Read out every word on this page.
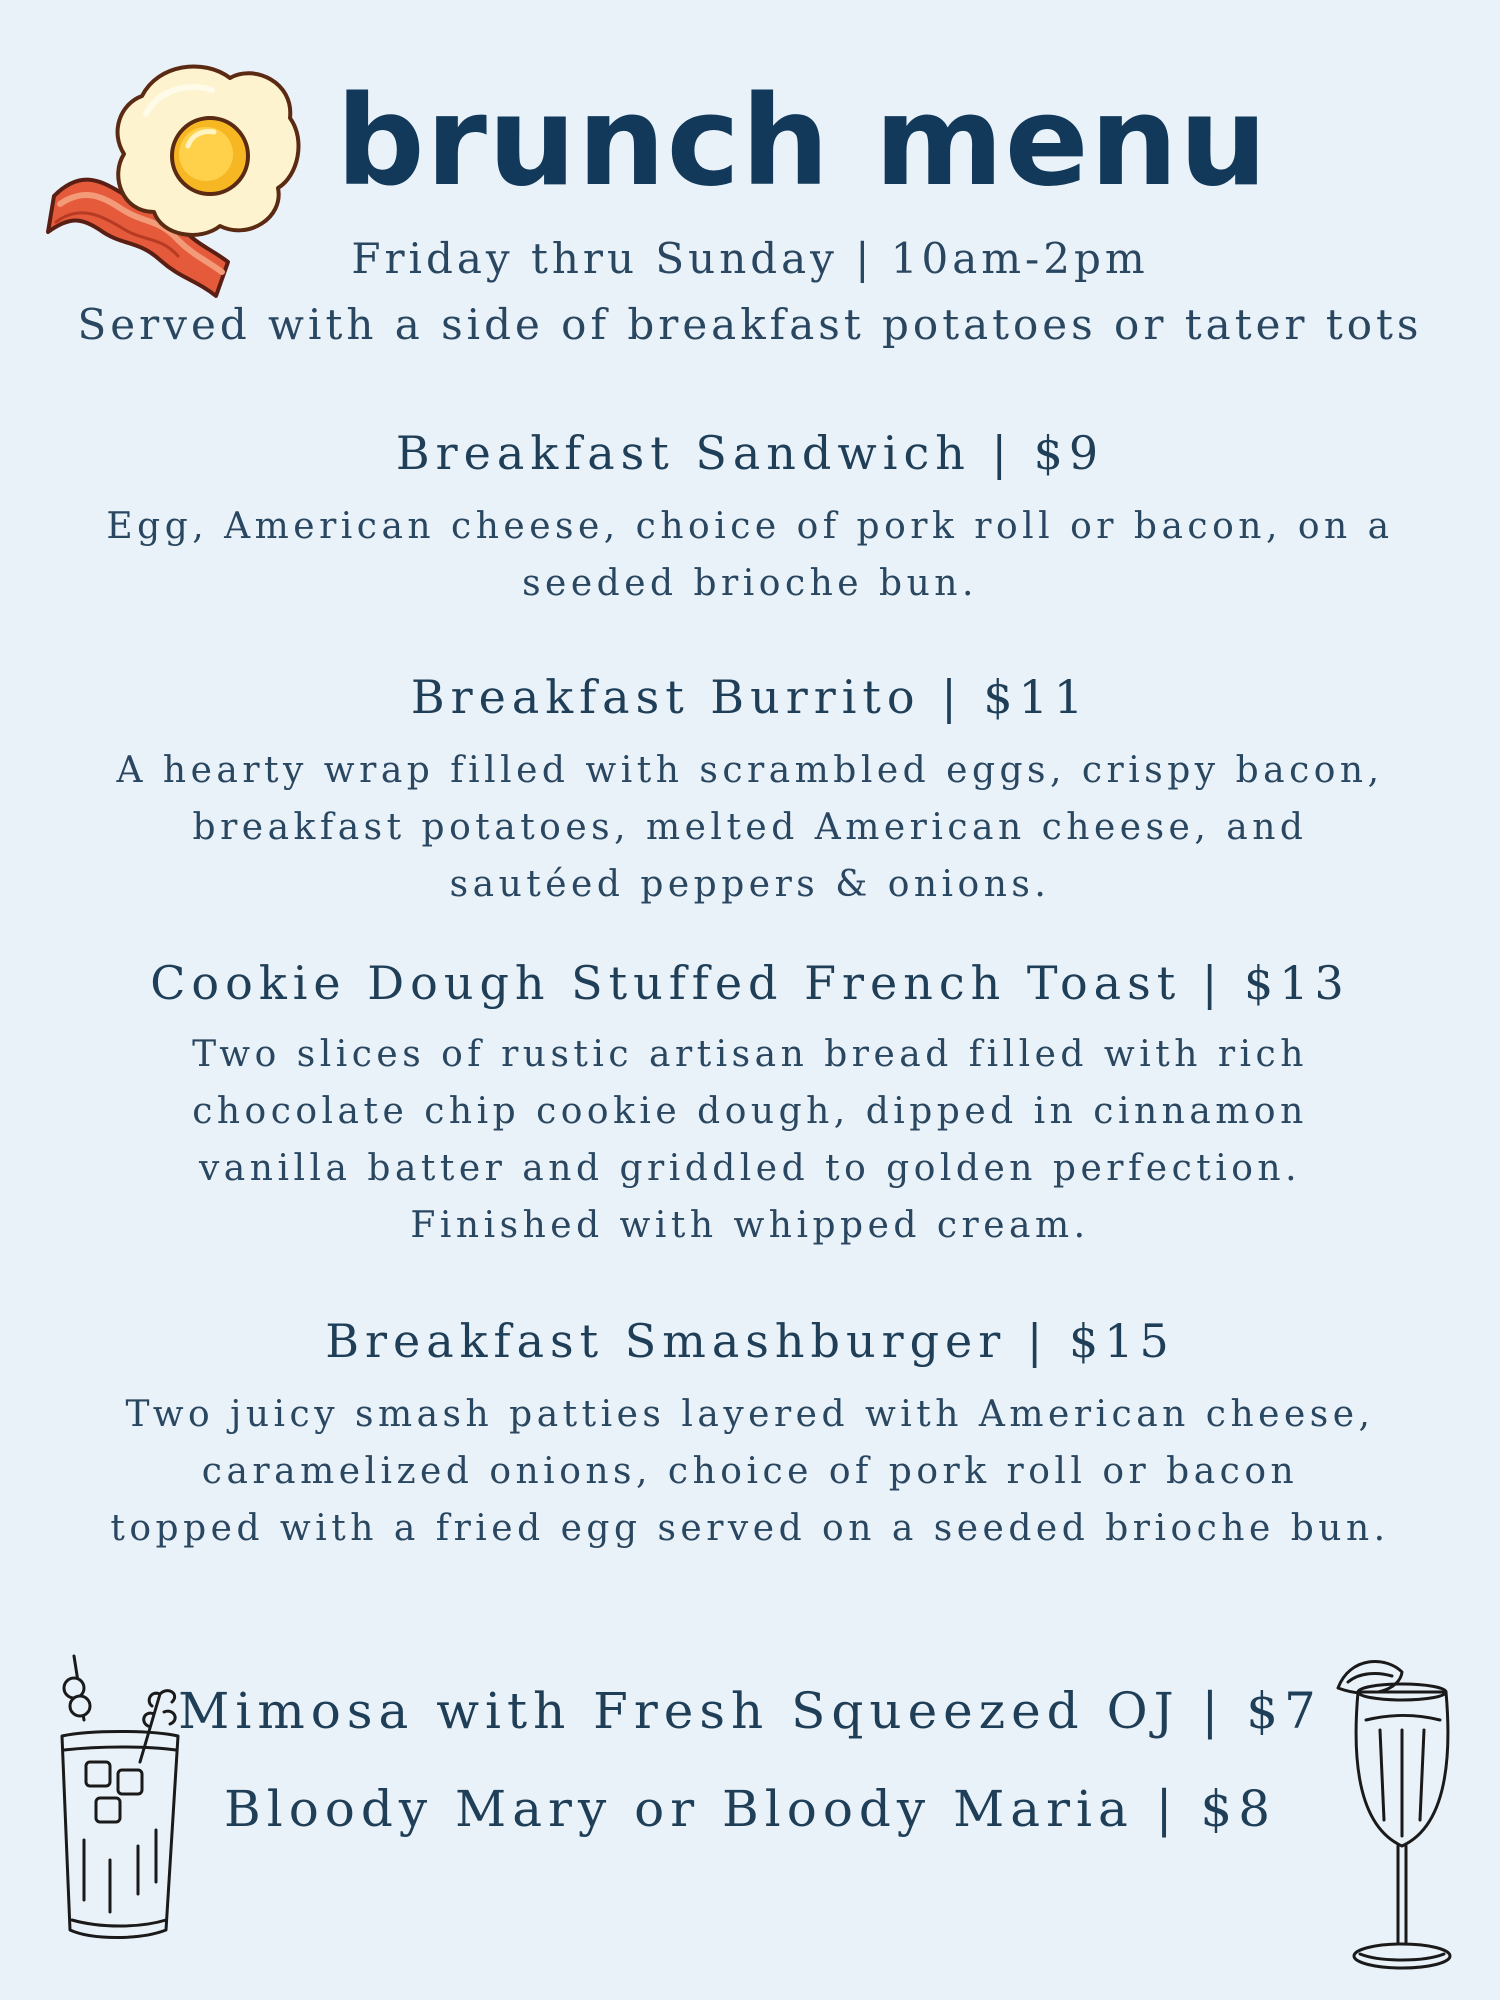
brunch menu
Friday thru Sunday | 10am-2pm
Served with a side of breakfast potatoes or tater tots
Breakfast Sandwich | $9
Egg, American cheese, choice of pork roll or bacon, on a
seeded brioche bun.
Breakfast Burrito | $11
A hearty wrap filled with scrambled eggs, crispy bacon,
breakfast potatoes, melted American cheese, and
sautéed peppers & onions.
Cookie Dough Stuffed French Toast | $13
Two slices of rustic artisan bread filled with rich
chocolate chip cookie dough, dipped in cinnamon
vanilla batter and griddled to golden perfection.
Finished with whipped cream.
Breakfast Smashburger | $15
Two juicy smash patties layered with American cheese,
caramelized onions, choice of pork roll or bacon
topped with a fried egg served on a seeded brioche bun.
Mimosa with Fresh Squeezed OJ | $7
Bloody Mary or Bloody Maria | $8
